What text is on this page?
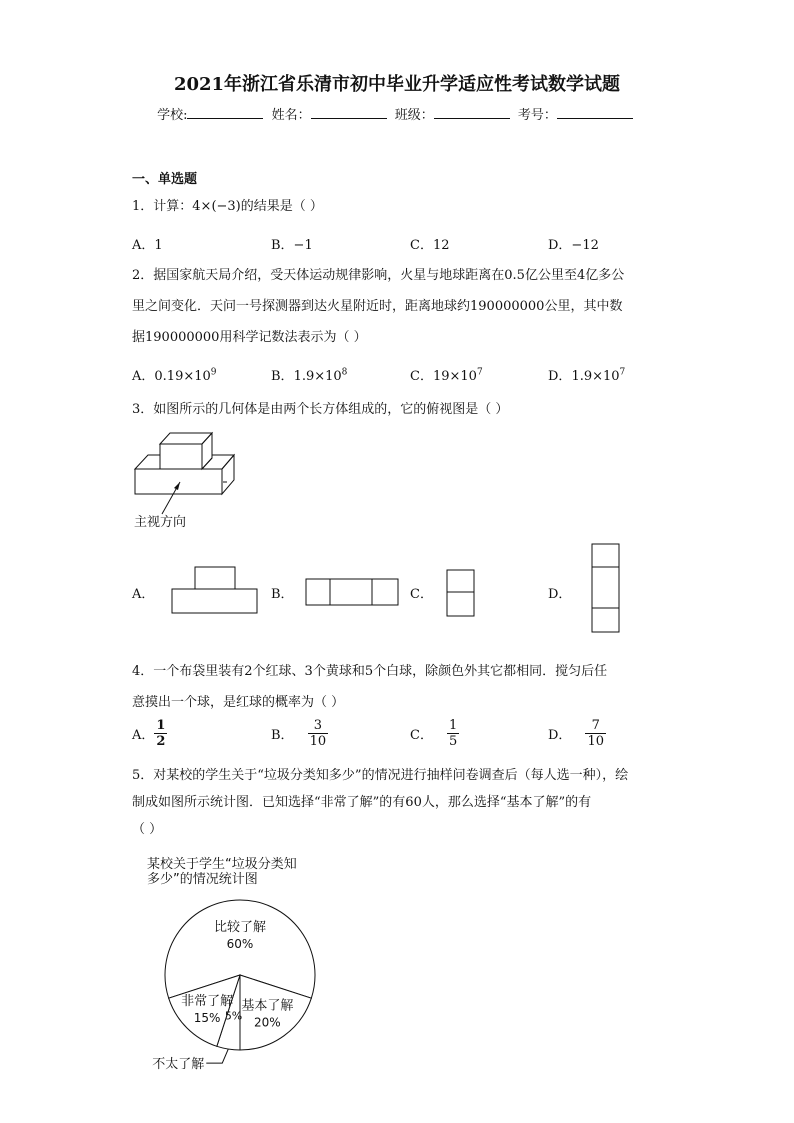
2021年浙江省乐清市初中毕业升学适应性考试数学试题
学校:	姓名：	班级：	考号：
一、单选题
1．计算：4×(−3)的结果是（ ）
A．1	B．−1	C．12	D．−12
2．据国家航天局介绍，受天体运动规律影响，火星与地球距离在0.5亿公里至4亿多公
里之间变化．天问一号探测器到达火星附近时，距离地球约190000000公里，其中数
据190000000用科学记数法表示为（ ）
A．$0.19\times 10^9$	B．$1.9\times 10^8$	C．$19\times 10^7$	D．$1.9\times 10^7$
3．如图所示的几何体是由两个长方体组成的，它的俯视图是（ ）
主视方向
A．	B．	C．	D．
4．一个布袋里装有2个红球、3个黄球和5个白球，除颜色外其它都相同．搅匀后任
意摸出一个球，是红球的概率为（ ）
A． $\frac{1}{2}$	B． $\frac{3}{10}$	C． $\frac{1}{5}$	D． $\frac{7}{10}$
5．对某校的学生关于“垃圾分类知多少”的情况进行抽样问卷调查后（每人选一种），绘
制成如图所示统计图．已知选择“非常了解”的有60人，那么选择“基本了解”的有
（ ）
某校关于学生“垃圾分类知
多少”的情况统计图
比较了解
60%
基本了解
20%
5%
不太了解
非常了解
15%
